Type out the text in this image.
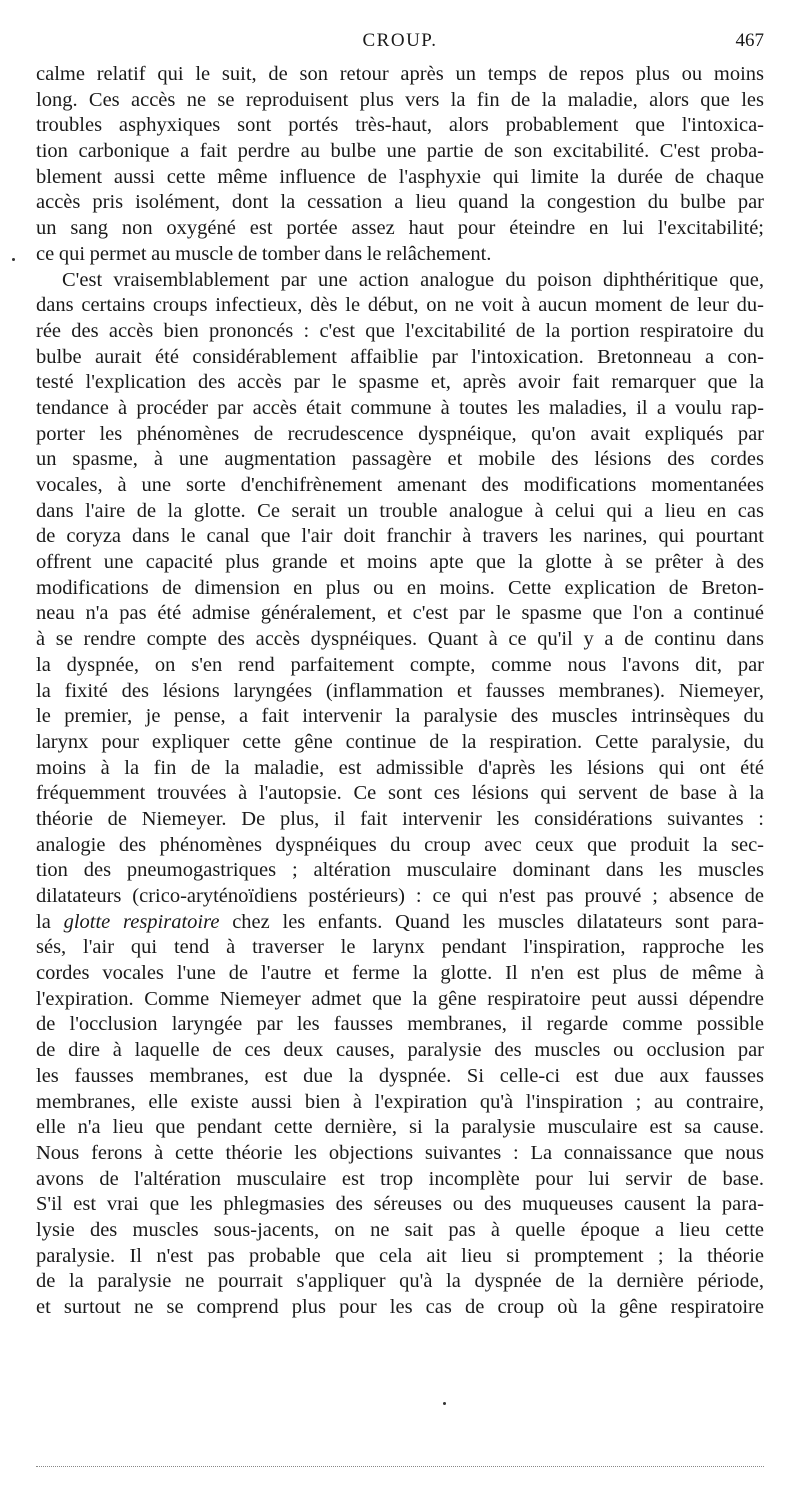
CROUP.	467
calme relatif qui le suit, de son retour après un temps de repos plus ou moins
long. Ces accès ne se reproduisent plus vers la fin de la maladie, alors que les
troubles asphyxiques sont portés très-haut, alors probablement que l'intoxica-
tion carbonique a fait perdre au bulbe une partie de son excitabilité. C'est proba-
blement aussi cette même influence de l'asphyxie qui limite la durée de chaque
accès pris isolément, dont la cessation a lieu quand la congestion du bulbe par
un sang non oxygéné est portée assez haut pour éteindre en lui l'excitabilité;
ce qui permet au muscle de tomber dans le relâchement.
C'est vraisemblablement par une action analogue du poison diphthéritique que,
dans certains croups infectieux, dès le début, on ne voit à aucun moment de leur du-
rée des accès bien prononcés : c'est que l'excitabilité de la portion respiratoire du
bulbe aurait été considérablement affaiblie par l'intoxication. Bretonneau a con-
testé l'explication des accès par le spasme et, après avoir fait remarquer que la
tendance à procéder par accès était commune à toutes les maladies, il a voulu rap-
porter les phénomènes de recrudescence dyspnéique, qu'on avait expliqués par
un spasme, à une augmentation passagère et mobile des lésions des cordes
vocales, à une sorte d'enchifrènement amenant des modifications momentanées
dans l'aire de la glotte. Ce serait un trouble analogue à celui qui a lieu en cas
de coryza dans le canal que l'air doit franchir à travers les narines, qui pourtant
offrent une capacité plus grande et moins apte que la glotte à se prêter à des
modifications de dimension en plus ou en moins. Cette explication de Breton-
neau n'a pas été admise généralement, et c'est par le spasme que l'on a continué
à se rendre compte des accès dyspnéiques. Quant à ce qu'il y a de continu dans
la dyspnée, on s'en rend parfaitement compte, comme nous l'avons dit, par
la fixité des lésions laryngées (inflammation et fausses membranes). Niemeyer,
le premier, je pense, a fait intervenir la paralysie des muscles intrinsèques du
larynx pour expliquer cette gêne continue de la respiration. Cette paralysie, du
moins à la fin de la maladie, est admissible d'après les lésions qui ont été
fréquemment trouvées à l'autopsie. Ce sont ces lésions qui servent de base à la
théorie de Niemeyer. De plus, il fait intervenir les considérations suivantes :
analogie des phénomènes dyspnéiques du croup avec ceux que produit la sec-
tion des pneumogastriques ; altération musculaire dominant dans les muscles
dilatateurs (crico-aryténoïdiens postérieurs) : ce qui n'est pas prouvé ; absence de
la glotte respiratoire chez les enfants. Quand les muscles dilatateurs sont para-
sés, l'air qui tend à traverser le larynx pendant l'inspiration, rapproche les
cordes vocales l'une de l'autre et ferme la glotte. Il n'en est plus de même à
l'expiration. Comme Niemeyer admet que la gêne respiratoire peut aussi dépendre
de l'occlusion laryngée par les fausses membranes, il regarde comme possible
de dire à laquelle de ces deux causes, paralysie des muscles ou occlusion par
les fausses membranes, est due la dyspnée. Si celle-ci est due aux fausses
membranes, elle existe aussi bien à l'expiration qu'à l'inspiration ; au contraire,
elle n'a lieu que pendant cette dernière, si la paralysie musculaire est sa cause.
Nous ferons à cette théorie les objections suivantes : La connaissance que nous
avons de l'altération musculaire est trop incomplète pour lui servir de base.
S'il est vrai que les phlegmasies des séreuses ou des muqueuses causent la para-
lysie des muscles sous-jacents, on ne sait pas à quelle époque a lieu cette
paralysie. Il n'est pas probable que cela ait lieu si promptement ; la théorie
de la paralysie ne pourrait s'appliquer qu'à la dyspnée de la dernière période,
et surtout ne se comprend plus pour les cas de croup où la gêne respiratoire
